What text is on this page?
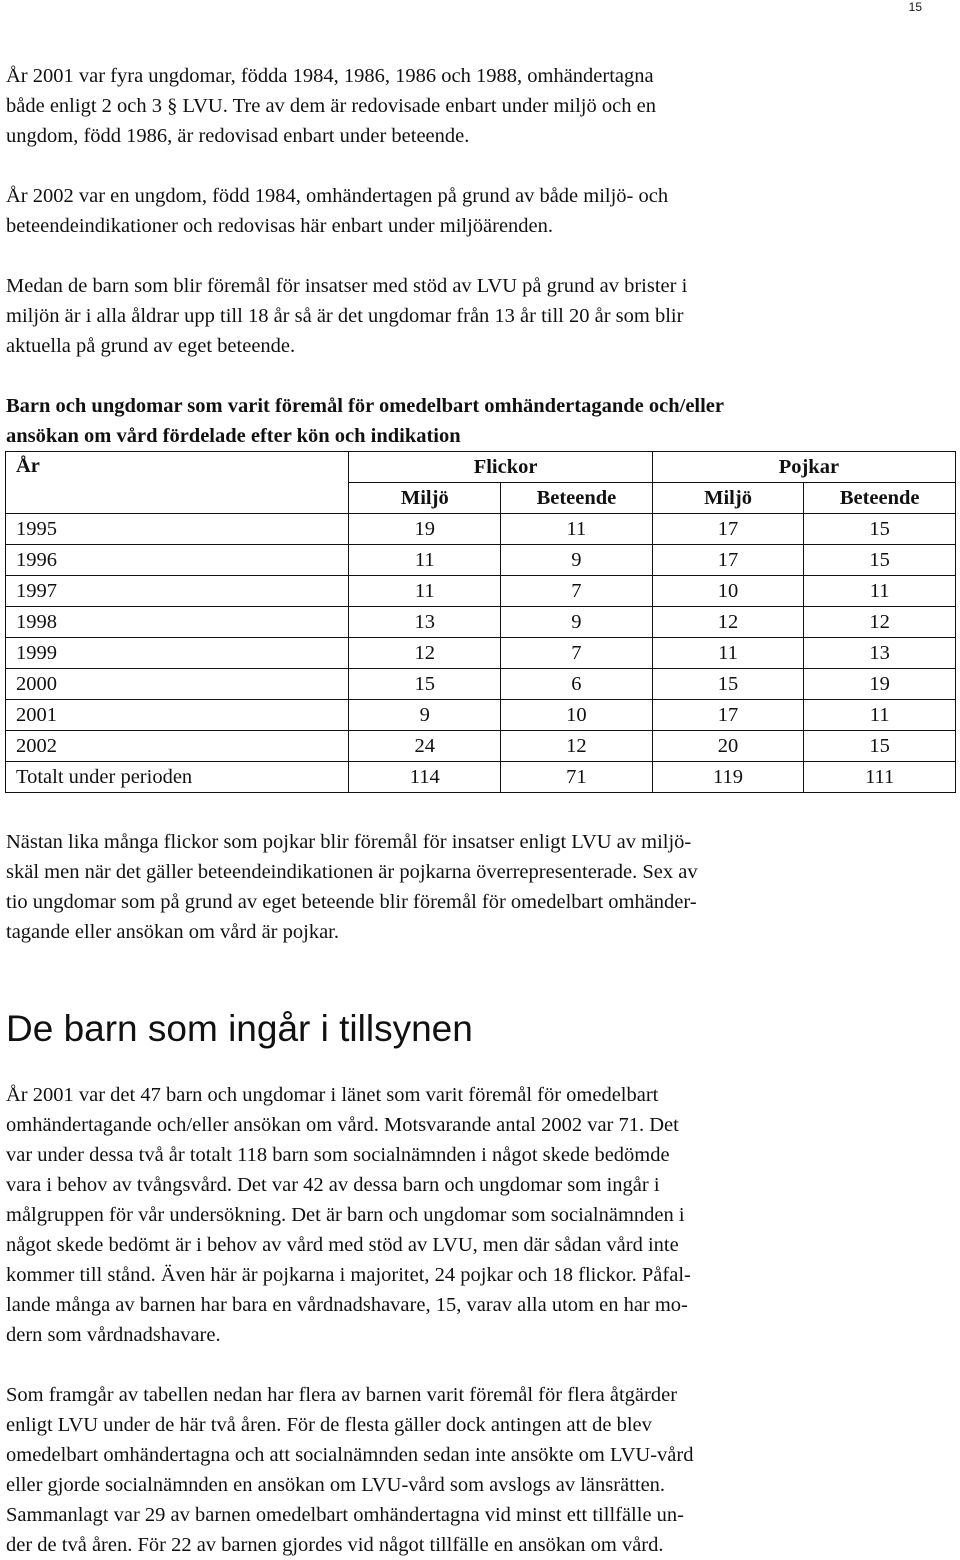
15

År 2001 var fyra ungdomar, födda 1984, 1986, 1986 och 1988, omhändertagna
både enligt 2 och 3 § LVU. Tre av dem är redovisade enbart under miljö och en
ungdom, född 1986, är redovisad enbart under beteende.

År 2002 var en ungdom, född 1984, omhändertagen på grund av både miljö- och
beteendeindikationer och redovisas här enbart under miljöärenden.

Medan de barn som blir föremål för insatser med stöd av LVU på grund av brister i
miljön är i alla åldrar upp till 18 år så är det ungdomar från 13 år till 20 år som blir
aktuella på grund av eget beteende.

Barn och ungdomar som varit föremål för omedelbart omhändertagande och/eller
ansökan om vård fördelade efter kön och indikation

År	Flickor		Pojkar	
	Miljö	Beteende	Miljö	Beteende
1995	19	11	17	15
1996	11	9	17	15
1997	11	7	10	11
1998	13	9	12	12
1999	12	7	11	13
2000	15	6	15	19
2001	9	10	17	11
2002	24	12	20	15
Totalt under perioden	114	71	119	111

Nästan lika många flickor som pojkar blir föremål för insatser enligt LVU av miljö-
skäl men när det gäller beteendeindikationen är pojkarna överrepresenterade. Sex av
tio ungdomar som på grund av eget beteende blir föremål för omedelbart omhänder-
tagande eller ansökan om vård är pojkar.

De barn som ingår i tillsynen

År 2001 var det 47 barn och ungdomar i länet som varit föremål för omedelbart
omhändertagande och/eller ansökan om vård. Motsvarande antal 2002 var 71. Det
var under dessa två år totalt 118 barn som socialnämnden i något skede bedömde
vara i behov av tvångsvård. Det var 42 av dessa barn och ungdomar som ingår i
målgruppen för vår undersökning. Det är barn och ungdomar som socialnämnden i
något skede bedömt är i behov av vård med stöd av LVU, men där sådan vård inte
kommer till stånd. Även här är pojkarna i majoritet, 24 pojkar och 18 flickor. Påfal-
lande många av barnen har bara en vårdnadshavare, 15, varav alla utom en har mo-
dern som vårdnadshavare.

Som framgår av tabellen nedan har flera av barnen varit föremål för flera åtgärder
enligt LVU under de här två åren. För de flesta gäller dock antingen att de blev
omedelbart omhändertagna och att socialnämnden sedan inte ansökte om LVU-vård
eller gjorde socialnämnden en ansökan om LVU-vård som avslogs av länsrätten.
Sammanlagt var 29 av barnen omedelbart omhändertagna vid minst ett tillfälle un-
der de två åren. För 22 av barnen gjordes vid något tillfälle en ansökan om vård.
